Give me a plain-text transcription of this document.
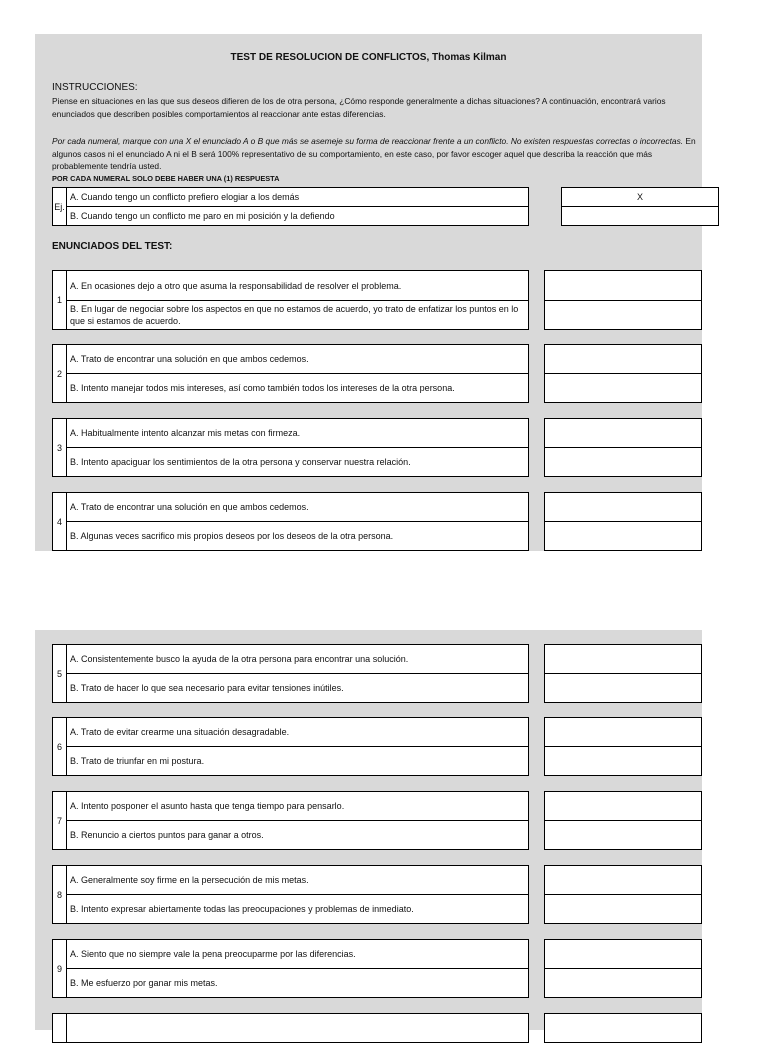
TEST DE RESOLUCION DE CONFLICTOS, Thomas Kilman
INSTRUCCIONES:
Piense en situaciones en las que sus deseos difieren de los de otra persona, ¿Cómo responde generalmente a dichas situaciones? A continuación, encontrará varios enunciados que describen posibles comportamientos al reaccionar ante estas diferencias.
Por cada numeral, marque con una X el enunciado A o B que más se asemeje su forma de reaccionar frente a un conflicto. No existen respuestas correctas o incorrectas. En algunos casos ni el enunciado A ni el B será 100% representativo de su comportamiento, en este caso, por favor escoger aquel que describa la reacción que más probablemente tendría usted.
POR CADA NUMERAL SOLO DEBE HABER UNA (1) RESPUESTA
Ej.
A. Cuando tengo un conflicto prefiero elogiar a los demás
B. Cuando tengo un conflicto me paro en mi posición y la defiendo
X
ENUNCIADOS DEL TEST:
1
A. En ocasiones dejo a otro que asuma la responsabilidad de resolver el problema.
B. En lugar de negociar sobre los aspectos en que no estamos de acuerdo, yo trato de enfatizar los puntos en lo que si estamos de acuerdo.
2
A. Trato de encontrar una solución en que ambos cedemos.
B. Intento manejar todos mis intereses, así como también todos los intereses de la otra persona.
3
A. Habitualmente intento alcanzar mis metas con firmeza.
B. Intento apaciguar los sentimientos de la otra persona y conservar nuestra relación.
4
A. Trato de encontrar una solución en que ambos cedemos.
B. Algunas veces sacrifico mis propios deseos por los deseos de la otra persona.
5
A. Consistentemente busco la ayuda de la otra persona para encontrar una solución.
B. Trato de hacer lo que sea necesario para evitar tensiones inútiles.
6
A. Trato de evitar crearme una situación desagradable.
B. Trato de triunfar en mi postura.
7
A. Intento posponer el asunto hasta que tenga tiempo para pensarlo.
B. Renuncio a ciertos puntos para ganar a otros.
8
A. Generalmente soy firme en la persecución de mis metas.
B. Intento expresar abiertamente todas las preocupaciones y problemas de inmediato.
9
A. Siento que no siempre vale la pena preocuparme por las diferencias.
B. Me esfuerzo por ganar mis metas.
